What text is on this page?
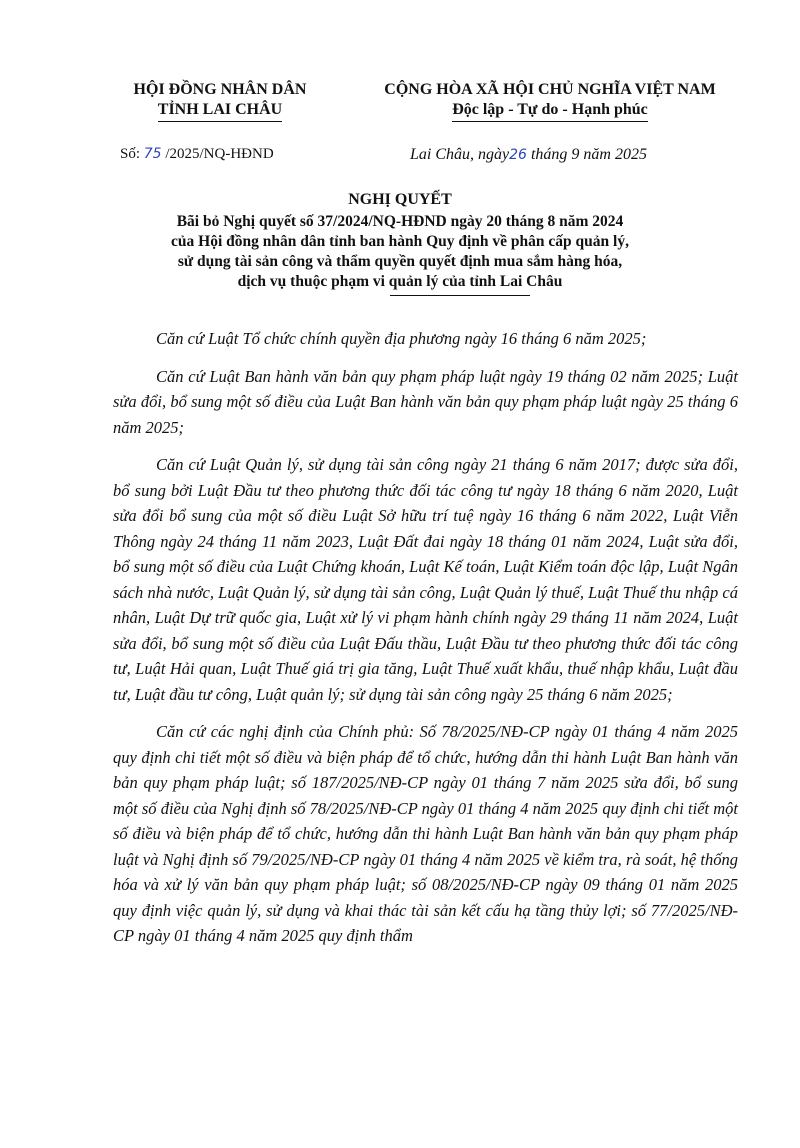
HỘI ĐỒNG NHÂN DÂN
TỈNH LAI CHÂU
CỘNG HÒA XÃ HỘI CHỦ NGHĨA VIỆT NAM
Độc lập - Tự do - Hạnh phúc
Số: 75 /2025/NQ-HĐND	Lai Châu, ngày26 tháng 9 năm 2025
NGHỊ QUYẾT
Bãi bỏ Nghị quyết số 37/2024/NQ-HĐND ngày 20 tháng 8 năm 2024
của Hội đồng nhân dân tỉnh ban hành Quy định về phân cấp quản lý,
sử dụng tài sản công và thẩm quyền quyết định mua sắm hàng hóa,
dịch vụ thuộc phạm vi quản lý của tỉnh Lai Châu

Căn cứ Luật Tổ chức chính quyền địa phương ngày 16 tháng 6 năm 2025;

Căn cứ Luật Ban hành văn bản quy phạm pháp luật ngày 19 tháng 02 năm 2025; Luật sửa đổi, bổ sung một số điều của Luật Ban hành văn bản quy phạm pháp luật ngày 25 tháng 6 năm 2025;

Căn cứ Luật Quản lý, sử dụng tài sản công ngày 21 tháng 6 năm 2017; được sửa đổi, bổ sung bởi Luật Đầu tư theo phương thức đối tác công tư ngày 18 tháng 6 năm 2020, Luật sửa đổi bổ sung của một số điều Luật Sở hữu trí tuệ ngày 16 tháng 6 năm 2022, Luật Viễn Thông ngày 24 tháng 11 năm 2023, Luật Đất đai ngày 18 tháng 01 năm 2024, Luật sửa đổi, bổ sung một số điều của Luật Chứng khoán, Luật Kế toán, Luật Kiểm toán độc lập, Luật Ngân sách nhà nước, Luật Quản lý, sử dụng tài sản công, Luật Quản lý thuế, Luật Thuế thu nhập cá nhân, Luật Dự trữ quốc gia, Luật xử lý vi phạm hành chính ngày 29 tháng 11 năm 2024, Luật sửa đổi, bổ sung một số điều của Luật Đấu thầu, Luật Đầu tư theo phương thức đối tác công tư, Luật Hải quan, Luật Thuế giá trị gia tăng, Luật Thuế xuất khẩu, thuế nhập khẩu, Luật đầu tư, Luật đầu tư công, Luật quản lý; sử dụng tài sản công ngày 25 tháng 6 năm 2025;

Căn cứ các nghị định của Chính phủ: Số 78/2025/NĐ-CP ngày 01 tháng 4 năm 2025 quy định chi tiết một số điều và biện pháp để tổ chức, hướng dẫn thi hành Luật Ban hành văn bản quy phạm pháp luật; số 187/2025/NĐ-CP ngày 01 tháng 7 năm 2025 sửa đổi, bổ sung một số điều của Nghị định số 78/2025/NĐ-CP ngày 01 tháng 4 năm 2025 quy định chi tiết một số điều và biện pháp để tổ chức, hướng dẫn thi hành Luật Ban hành văn bản quy phạm pháp luật và Nghị định số 79/2025/NĐ-CP ngày 01 tháng 4 năm 2025 về kiểm tra, rà soát, hệ thống hóa và xử lý văn bản quy phạm pháp luật; số 08/2025/NĐ-CP ngày 09 tháng 01 năm 2025 quy định việc quản lý, sử dụng và khai thác tài sản kết cấu hạ tầng thủy lợi; số 77/2025/NĐ-CP ngày 01 tháng 4 năm 2025 quy định thẩm
